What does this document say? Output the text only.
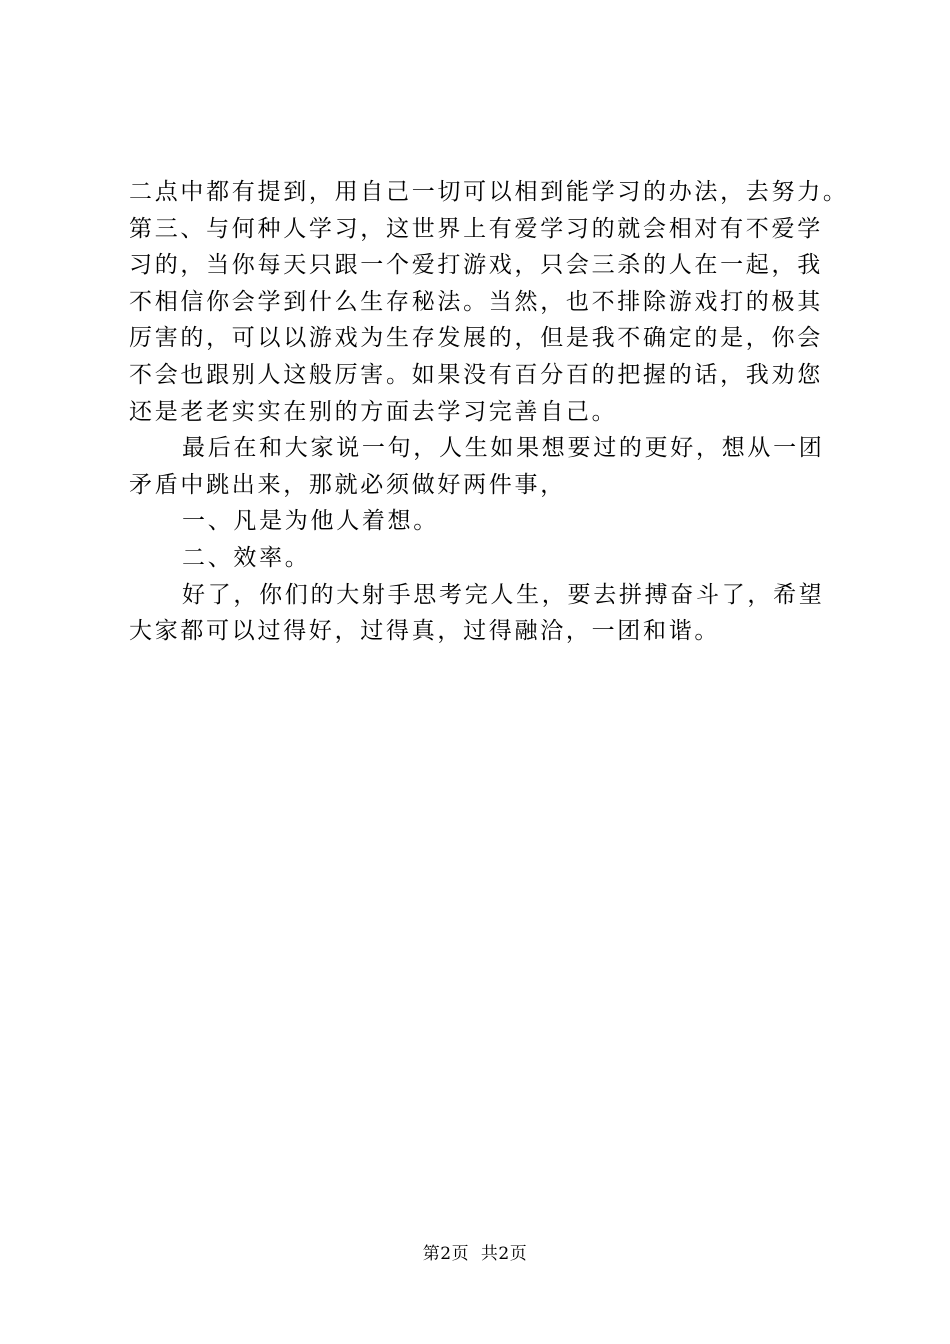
二点中都有提到，用自己一切可以相到能学习的办法，去努力。
第三、与何种人学习，这世界上有爱学习的就会相对有不爱学
习的，当你每天只跟一个爱打游戏，只会三杀的人在一起，我
不相信你会学到什么生存秘法。当然，也不排除游戏打的极其
厉害的，可以以游戏为生存发展的，但是我不确定的是，你会
不会也跟别人这般厉害。如果没有百分百的把握的话，我劝您
还是老老实实在别的方面去学习完善自己。
最后在和大家说一句，人生如果想要过的更好，想从一团
矛盾中跳出来，那就必须做好两件事，
一、凡是为他人着想。
二、效率。
好了，你们的大射手思考完人生，要去拼搏奋斗了，希望
大家都可以过得好，过得真，过得融洽，一团和谐。
第2页  共2页
